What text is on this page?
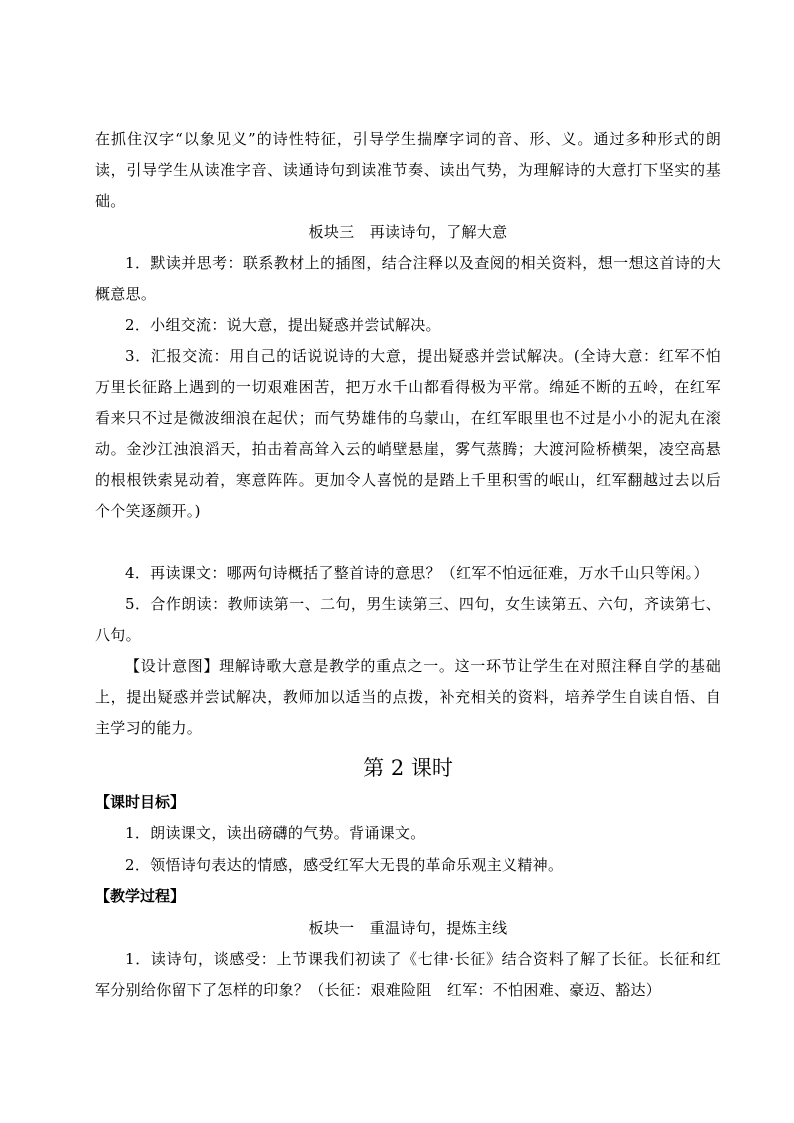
在抓住汉字“以象见义”的诗性特征，引导学生揣摩字词的音、形、义。通过多种形式的朗读，引导学生从读准字音、读通诗句到读准节奏、读出气势，为理解诗的大意打下坚实的基础。

板块三　再读诗句，了解大意

1．默读并思考：联系教材上的插图，结合注释以及查阅的相关资料，想一想这首诗的大概意思。

2．小组交流：说大意，提出疑惑并尝试解决。

3．汇报交流：用自己的话说说诗的大意，提出疑惑并尝试解决。(全诗大意：红军不怕万里长征路上遇到的一切艰难困苦，把万水千山都看得极为平常。绵延不断的五岭，在红军看来只不过是微波细浪在起伏；而气势雄伟的乌蒙山，在红军眼里也不过是小小的泥丸在滚动。金沙江浊浪滔天，拍击着高耸入云的峭壁悬崖，雾气蒸腾；大渡河险桥横架，凌空高悬的根根铁索晃动着，寒意阵阵。更加令人喜悦的是踏上千里积雪的岷山，红军翻越过去以后个个笑逐颜开。)

4．再读课文：哪两句诗概括了整首诗的意思？（红军不怕远征难，万水千山只等闲。）

5．合作朗读：教师读第一、二句，男生读第三、四句，女生读第五、六句，齐读第七、八句。

【设计意图】理解诗歌大意是教学的重点之一。这一环节让学生在对照注释自学的基础上，提出疑惑并尝试解决，教师加以适当的点拨，补充相关的资料，培养学生自读自悟、自主学习的能力。

第 2 课时

【课时目标】

1．朗读课文，读出磅礴的气势。背诵课文。

2．领悟诗句表达的情感，感受红军大无畏的革命乐观主义精神。

【教学过程】

板块一　重温诗句，提炼主线

1．读诗句，谈感受：上节课我们初读了《七律·长征》结合资料了解了长征。长征和红军分别给你留下了怎样的印象？（长征：艰难险阻　红军：不怕困难、豪迈、豁达）
